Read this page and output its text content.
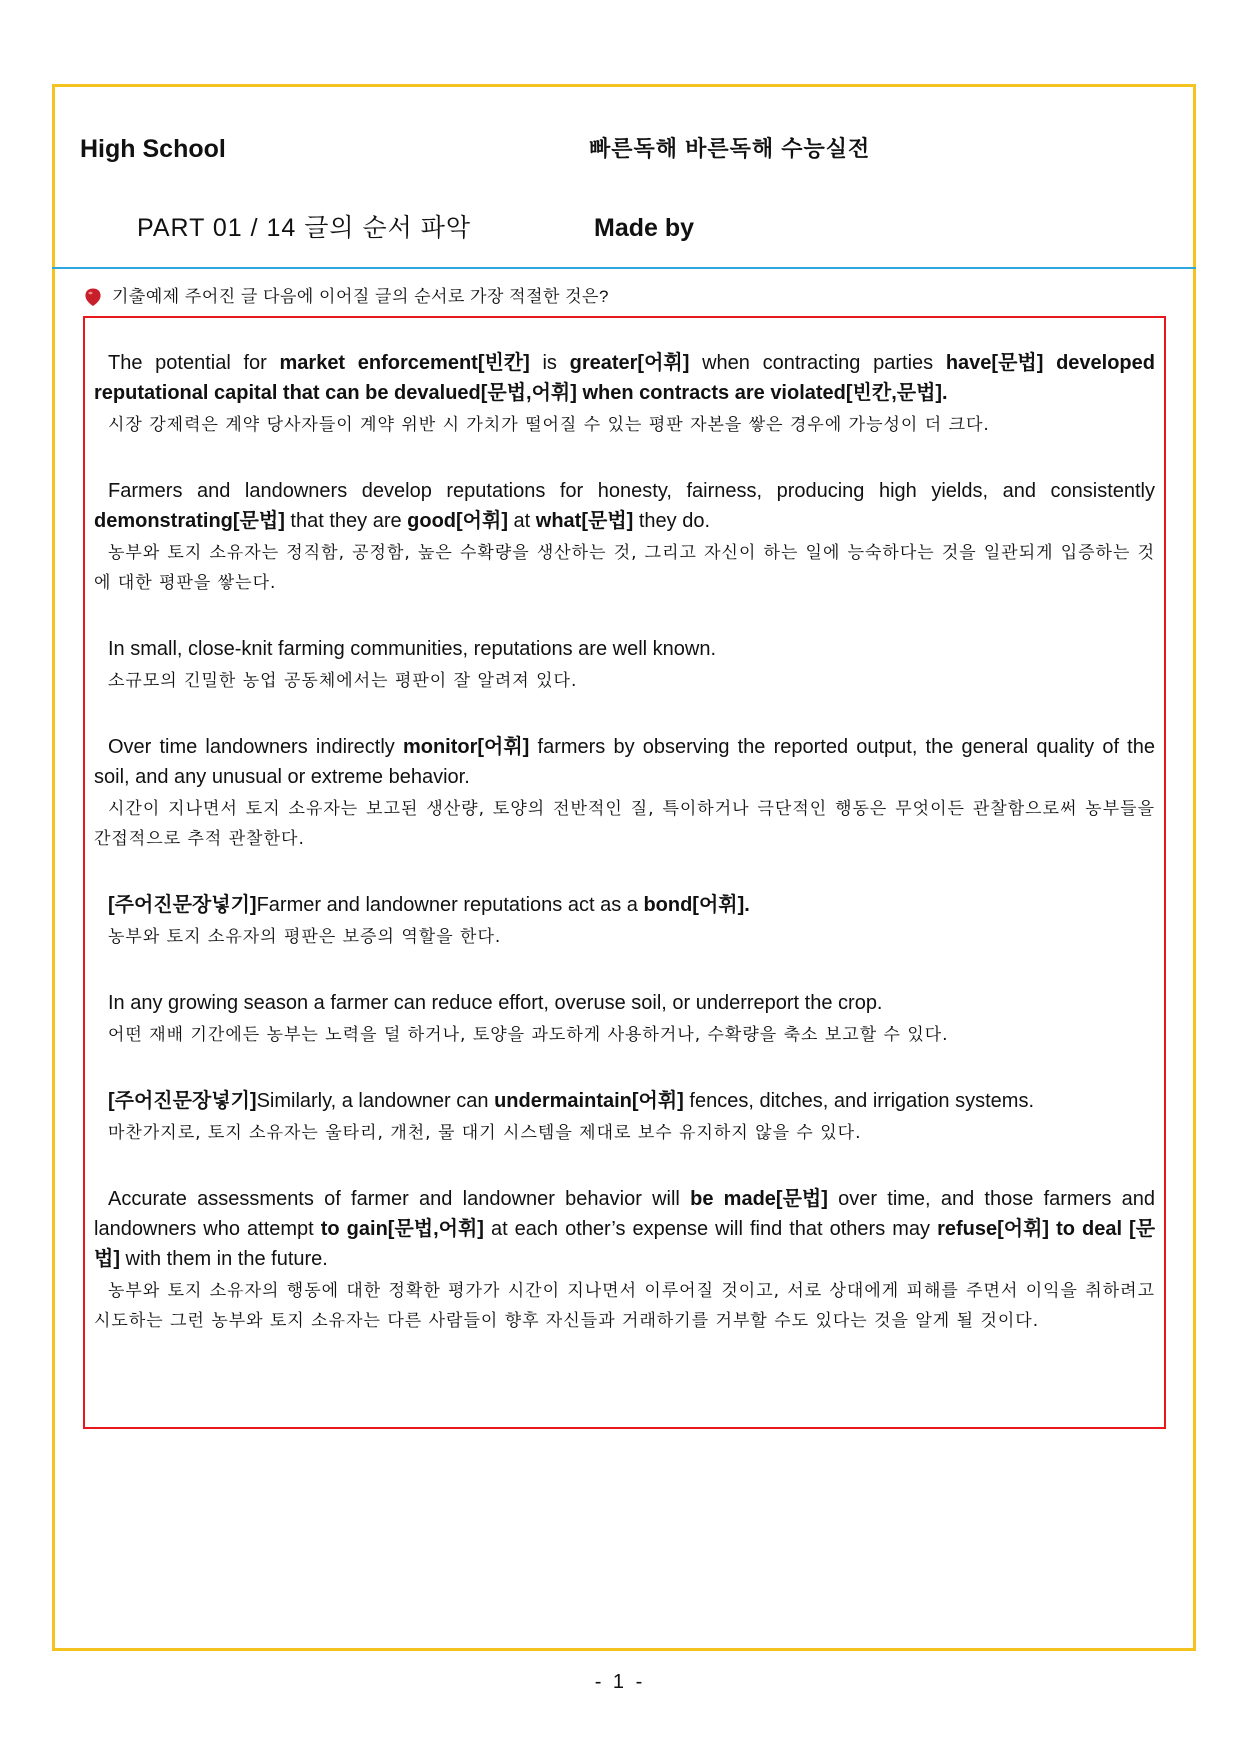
High School	빠른독해 바른독해 수능실전
PART 01 / 14 글의 순서 파악	Made by
기출예제 주어진 글 다음에 이어질 글의 순서로 가장 적절한 것은?

The potential for market enforcement[빈칸] is greater[어휘] when contracting parties have[문법] developed reputational capital that can be devalued[문법,어휘] when contracts are violated[빈칸,문법].

시장 강제력은 계약 당사자들이 계약 위반 시 가치가 떨어질 수 있는 평판 자본을 쌓은 경우에 가능성이 더 크다.

Farmers and landowners develop reputations for honesty, fairness, producing high yields, and consistently demonstrating[문법] that they are good[어휘] at what[문법] they do.

농부와 토지 소유자는 정직함, 공정함, 높은 수확량을 생산하는 것, 그리고 자신이 하는 일에 능숙하다는 것을 일관되게 입증하는 것에 대한 평판을 쌓는다.

In small, close-knit farming communities, reputations are well known.

소규모의 긴밀한 농업 공동체에서는 평판이 잘 알려져 있다.

Over time landowners indirectly monitor[어휘] farmers by observing the reported output, the general quality of the soil, and any unusual or extreme behavior.

시간이 지나면서 토지 소유자는 보고된 생산량, 토양의 전반적인 질, 특이하거나 극단적인 행동은 무엇이든 관찰함으로써 농부들을 간접적으로 추적 관찰한다.

[주어진문장넣기]Farmer and landowner reputations act as a bond[어휘].

농부와 토지 소유자의 평판은 보증의 역할을 한다.

In any growing season a farmer can reduce effort, overuse soil, or underreport the crop.

어떤 재배 기간에든 농부는 노력을 덜 하거나, 토양을 과도하게 사용하거나, 수확량을 축소 보고할 수 있다.

[주어진문장넣기]Similarly, a landowner can undermaintain[어휘] fences, ditches, and irrigation systems.

마찬가지로, 토지 소유자는 울타리, 개천, 물 대기 시스템을 제대로 보수 유지하지 않을 수 있다.

Accurate assessments of farmer and landowner behavior will be made[문법] over time, and those farmers and landowners who attempt to gain[문법,어휘] at each other’s expense will find that others may refuse[어휘] to deal [문법] with them in the future.

농부와 토지 소유자의 행동에 대한 정확한 평가가 시간이 지나면서 이루어질 것이고, 서로 상대에게 피해를 주면서 이익을 취하려고 시도하는 그런 농부와 토지 소유자는 다른 사람들이 향후 자신들과 거래하기를 거부할 수도 있다는 것을 알게 될 것이다.

- 1 -
